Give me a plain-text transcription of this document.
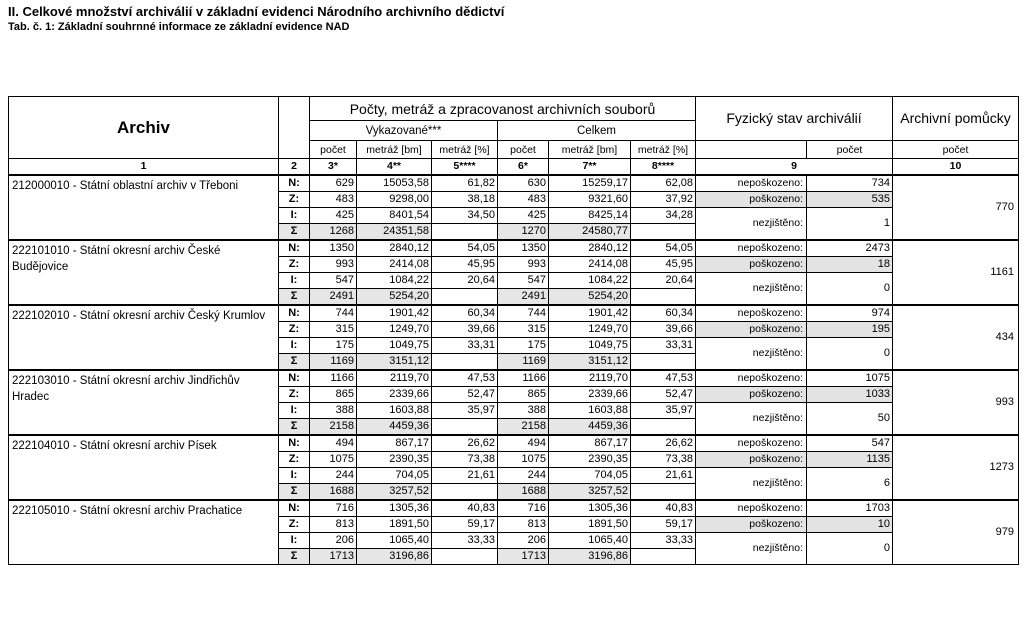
II. Celkové množství archiválií v základní evidenci Národního archivního dědictví
Tab. č. 1: Základní souhrnné informace ze základní evidence NAD
Archiv		Počty, metráž a zpracovanost archivních souborů						Fyzický stav archiválií		Archivní pomůcky
		Vykazované***			Celkem					
		počet	metráž [bm]	metráž [%]	počet	metráž [bm]	metráž [%]		počet	počet
1	2	3*	4**	5****	6*	7**	8****	9		10
212000010 - Státní oblastní archiv v Třeboni	N:	629	15053,58	61,82	630	15259,17	62,08	nepoškozeno:	734	770
	Z:	483	9298,00	38,18	483	9321,60	37,92	poškozeno:	535	
	I:	425	8401,54	34,50	425	8425,14	34,28	nezjištěno:	1	
	Σ	1268	24351,58		1270	24580,77				
222101010 - Státní okresní archiv České Budějovice	N:	1350	2840,12	54,05	1350	2840,12	54,05	nepoškozeno:	2473	1161
	Z:	993	2414,08	45,95	993	2414,08	45,95	poškozeno:	18	
	I:	547	1084,22	20,64	547	1084,22	20,64	nezjištěno:	0	
	Σ	2491	5254,20		2491	5254,20				
222102010 - Státní okresní archiv Český Krumlov	N:	744	1901,42	60,34	744	1901,42	60,34	nepoškozeno:	974	434
	Z:	315	1249,70	39,66	315	1249,70	39,66	poškozeno:	195	
	I:	175	1049,75	33,31	175	1049,75	33,31	nezjištěno:	0	
	Σ	1169	3151,12		1169	3151,12				
222103010 - Státní okresní archiv Jindřichův Hradec	N:	1166	2119,70	47,53	1166	2119,70	47,53	nepoškozeno:	1075	993
	Z:	865	2339,66	52,47	865	2339,66	52,47	poškozeno:	1033	
	I:	388	1603,88	35,97	388	1603,88	35,97	nezjištěno:	50	
	Σ	2158	4459,36		2158	4459,36				
222104010 - Státní okresní archiv Písek	N:	494	867,17	26,62	494	867,17	26,62	nepoškozeno:	547	1273
	Z:	1075	2390,35	73,38	1075	2390,35	73,38	poškozeno:	1135	
	I:	244	704,05	21,61	244	704,05	21,61	nezjištěno:	6	
	Σ	1688	3257,52		1688	3257,52				
222105010 - Státní okresní archiv Prachatice	N:	716	1305,36	40,83	716	1305,36	40,83	nepoškozeno:	1703	979
	Z:	813	1891,50	59,17	813	1891,50	59,17	poškozeno:	10	
	I:	206	1065,40	33,33	206	1065,40	33,33	nezjištěno:	0	
	Σ	1713	3196,86		1713	3196,86				
